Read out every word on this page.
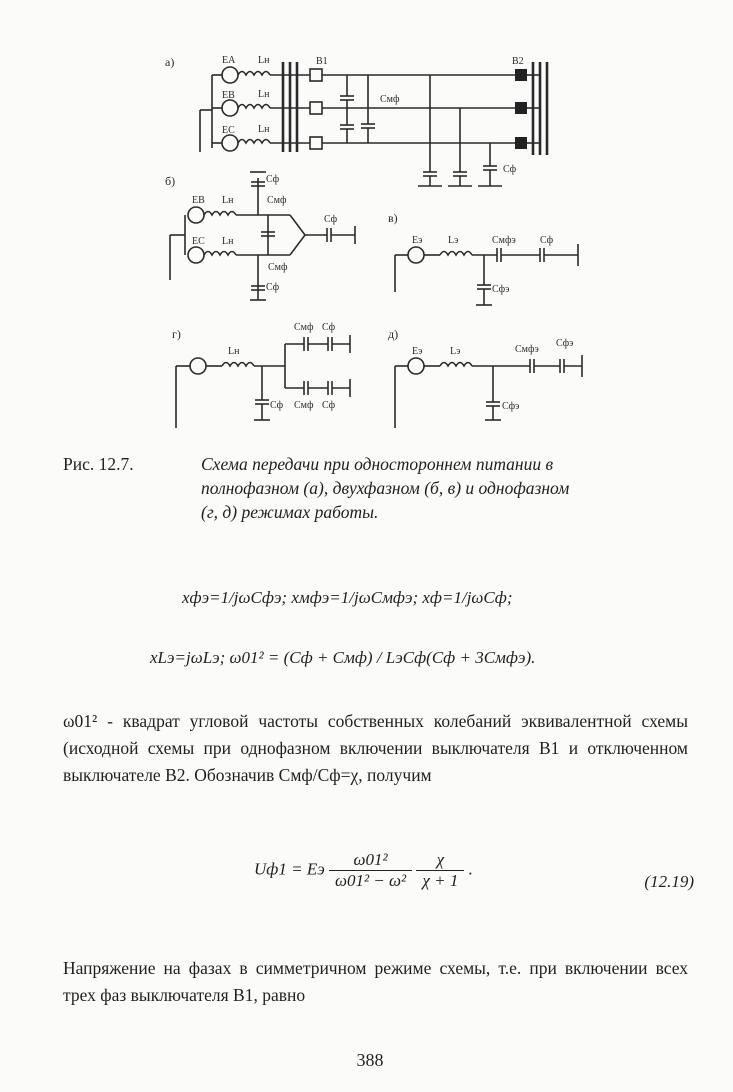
а)	EA
EB
EC
Lн
Lн
Lн
В1
Cмф
Cф
В2
б)
EB
EC
Lн
Lн
Cф
Cф
Cмф
Cмф
Cф
в)
Eэ	Lэ	Cмфэ Cф
Cфэ
г)
Lн
Cмф Cф
Cмф Cф
Cф
д)
Eэ	Lэ	Cмфэ
Cфэ
Cфэ
Рис. 12.7.	Схема передачи при одностороннем питании в
полнофазном (а), двухфазном (б, в) и однофазном
(г, д) режимах работы.
xфэ=1/jωCфэ; xмфэ=1/jωCмфэ; xф=1/jωCф;
xLэ=jωLэ; ω01² = (Cф + Cмф) / LэCф(Cф + 3Cмфэ).
ω01² - квадрат угловой частоты собственных колебаний эквивалентной схемы (исходной схемы при однофазном включении выключателя В1 и отключенном выключателе В2. Обозначив Cмф/Cф=χ, получим
Uф1 = Eэ $\frac{\text{ω01²}}{\text{ω01² − ω²}}$
$\frac{\chi}{\chi + 1}$ .
(12.19)
Напряжение на фазах в симметричном режиме схемы, т.е. при включении всех трех фаз выключателя В1, равно
388
